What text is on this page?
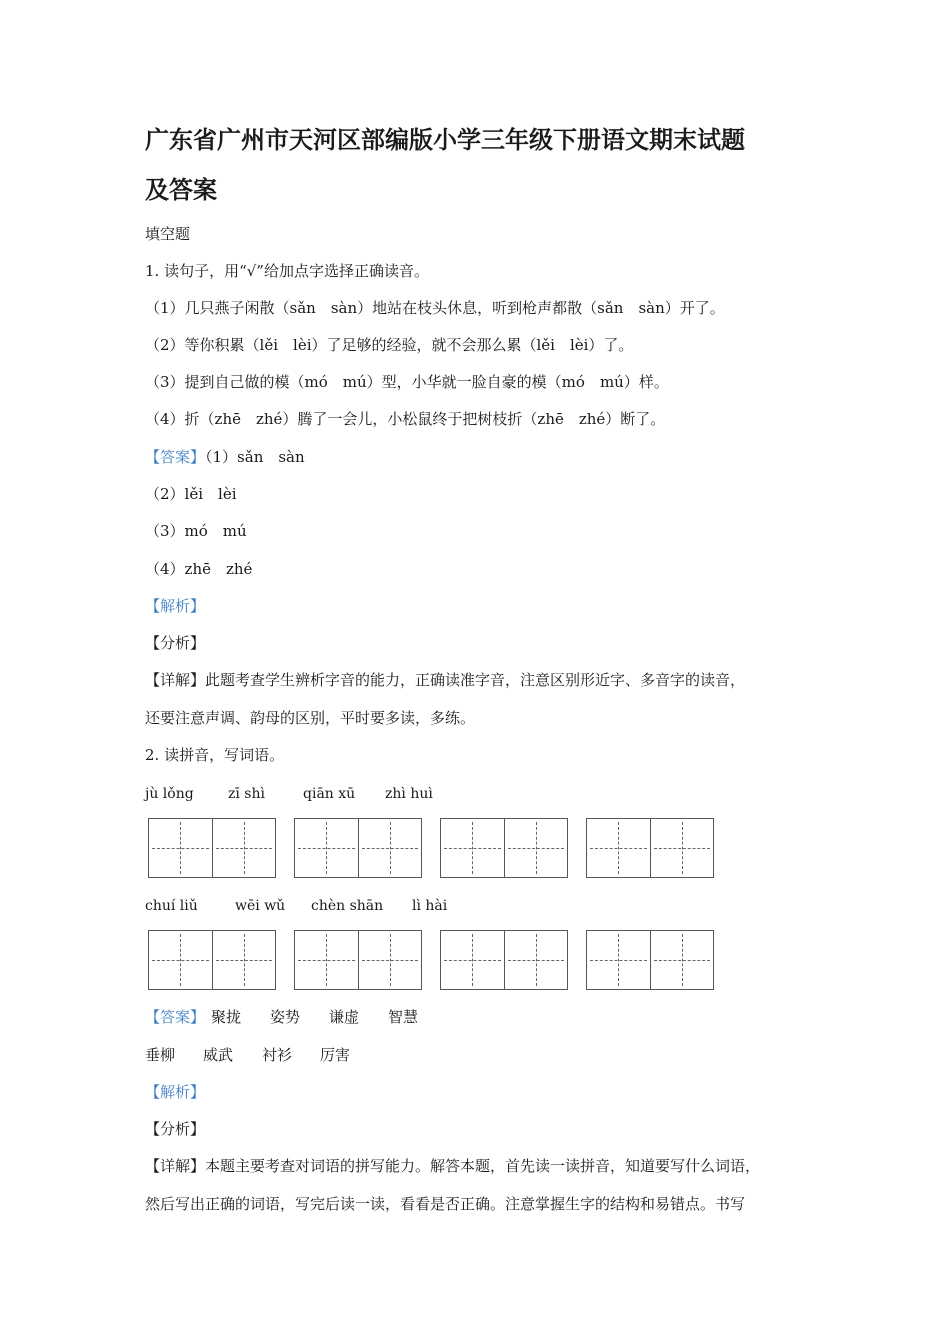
广东省广州市天河区部编版小学三年级下册语文期末试题
及答案
填空题
1. 读句子，用“√”给加点字选择正确读音。
（1）几只燕子闲散（sǎn　sàn）地站在枝头休息，听到枪声都散（sǎn　sàn）开了。
（2）等你积累（lěi　lèi）了足够的经验，就不会那么累（lěi　lèi）了。
（3）提到自己做的模（mó　mú）型，小华就一脸自豪的模（mó　mú）样。
（4）折（zhē　zhé）腾了一会儿，小松鼠终于把树枝折（zhē　zhé）断了。
【答案】（1）sǎn　sàn
（2）lěi　lèi
（3）mó　mú
（4）zhē　zhé
【解析】
【分析】
【详解】此题考查学生辨析字音的能力，正确读准字音，注意区别形近字、多音字的读音，
还要注意声调、韵母的区别，平时要多读，多练。
2. 读拼音，写词语。
jù lǒng zī shì	qiān xū zhì huì
chuí liǔ	wēi wǔ chèn shān lì hài
【答案】 聚拢 姿势 谦虚 智慧
垂柳 威武 衬衫 厉害
【解析】
【分析】
【详解】本题主要考查对词语的拼写能力。解答本题，首先读一读拼音，知道要写什么词语，
然后写出正确的词语，写完后读一读，看看是否正确。注意掌握生字的结构和易错点。书写
